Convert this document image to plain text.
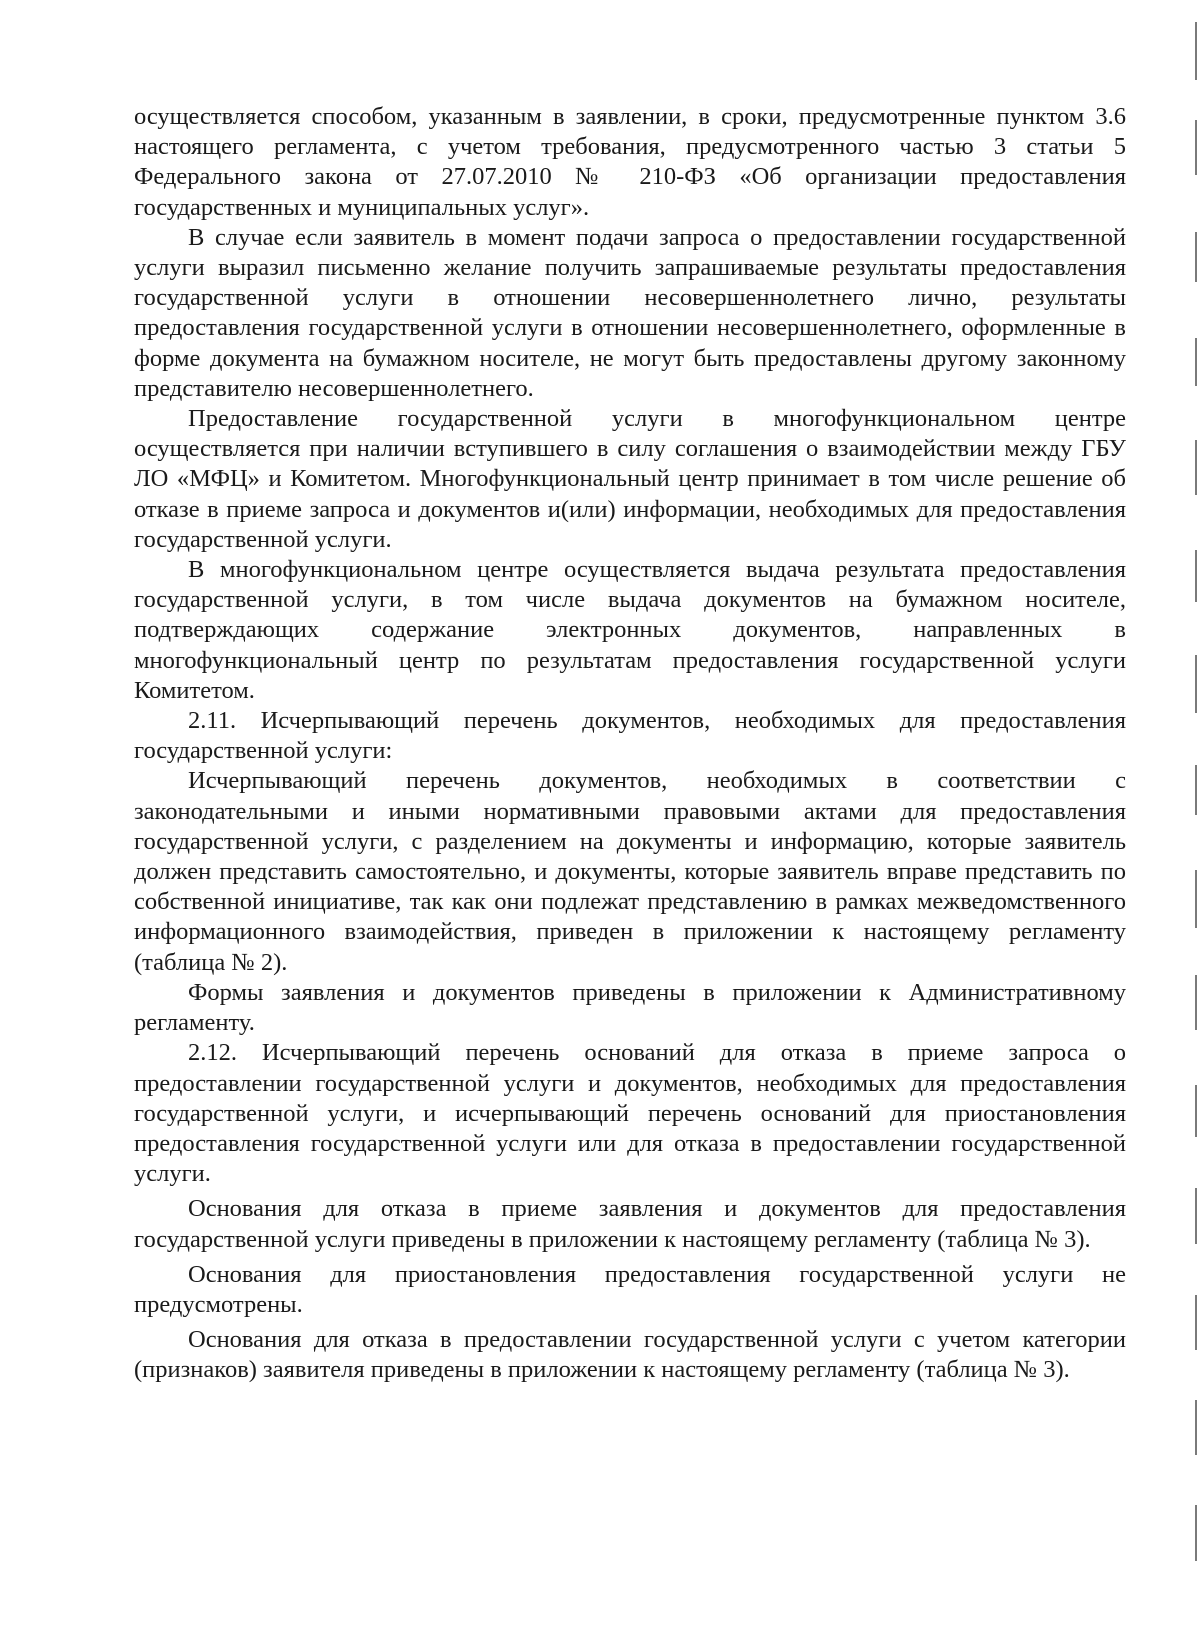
осуществляется способом, указанным в заявлении, в сроки, предусмотренные пунктом 3.6 настоящего регламента, с учетом требования, предусмотренного частью 3 статьи 5 Федерального закона от 27.07.2010 № 210-ФЗ «Об организации предоставления государственных и муниципальных услуг».

В случае если заявитель в момент подачи запроса о предоставлении государственной услуги выразил письменно желание получить запрашиваемые результаты предоставления государственной услуги в отношении несовершеннолетнего лично, результаты предоставления государственной услуги в отношении несовершеннолетнего, оформленные в форме документа на бумажном носителе, не могут быть предоставлены другому законному представителю несовершеннолетнего.

Предоставление государственной услуги в многофункциональном центре осуществляется при наличии вступившего в силу соглашения о взаимодействии между ГБУ ЛО «МФЦ» и Комитетом. Многофункциональный центр принимает в том числе решение об отказе в приеме запроса и документов и(или) информации, необходимых для предоставления государственной услуги.

В многофункциональном центре осуществляется выдача результата предоставления государственной услуги, в том числе выдача документов на бумажном носителе, подтверждающих содержание электронных документов, направленных в многофункциональный центр по результатам предоставления государственной услуги Комитетом.

2.11. Исчерпывающий перечень документов, необходимых для предоставления государственной услуги:

Исчерпывающий перечень документов, необходимых в соответствии с законодательными и иными нормативными правовыми актами для предоставления государственной услуги, с разделением на документы и информацию, которые заявитель должен представить самостоятельно, и документы, которые заявитель вправе представить по собственной инициативе, так как они подлежат представлению в рамках межведомственного информационного взаимодействия, приведен в приложении к настоящему регламенту (таблица № 2).

Формы заявления и документов приведены в приложении к Административному регламенту.

2.12. Исчерпывающий перечень оснований для отказа в приеме запроса о предоставлении государственной услуги и документов, необходимых для предоставления государственной услуги, и исчерпывающий перечень оснований для приостановления предоставления государственной услуги или для отказа в предоставлении государственной услуги.

Основания для отказа в приеме заявления и документов для предоставления государственной услуги приведены в приложении к настоящему регламенту (таблица № 3).

Основания для приостановления предоставления государственной услуги не предусмотрены.

Основания для отказа в предоставлении государственной услуги с учетом категории (признаков) заявителя приведены в приложении к настоящему регламенту (таблица № 3).
